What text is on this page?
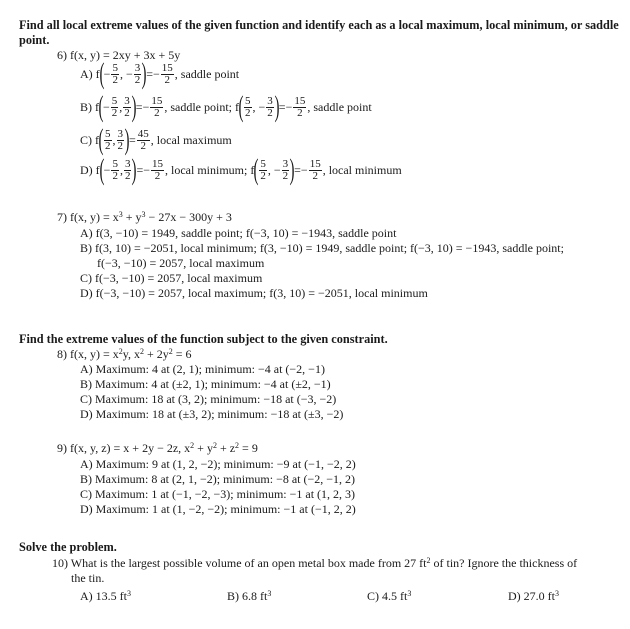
Find all local extreme values of the given function and identify each as a local maximum, local minimum, or saddle
point.
6) f(x, y) = 2xy + 3x + 5y
A)
f ( − $\frac{5}{2}$ , − $\frac{3}{2}$ ) = − $\frac{15}{2}$ , saddle point
B)
f ( − $\frac{5}{2}$ , $\frac{3}{2}$ ) = − $\frac{15}{2}$ , saddle point;
f ( $\frac{5}{2}$ , − $\frac{3}{2}$ ) = − $\frac{15}{2}$ , saddle point
C)
f ( $\frac{5}{2}$ , $\frac{3}{2}$ ) = $\frac{45}{2}$ , local maximum
D)
f ( − $\frac{5}{2}$ , $\frac{3}{2}$ ) = − $\frac{15}{2}$ , local minimum;
f ( $\frac{5}{2}$ , − $\frac{3}{2}$ ) = − $\frac{15}{2}$ , local minimum
7) f(x, $y) = x^3 + y^3 - 27x - 300y + 3$
A) f(3, −10) = 1949, saddle point; f(−3, 10) = −1943, saddle point
B) f(3, 10) = −2051, local minimum; f(3, −10) = 1949, saddle point; f(−3, 10) = −1943, saddle point;
f(−3, −10) = 2057, local maximum
C) f(−3, −10) = 2057, local maximum
D) f(−3, −10) = 2057, local maximum; f(3, 10) = −2051, local minimum
Find the extreme values of the function subject to the given constraint.
8) f(x, $y) = x^2y$, $x^2 + 2y^2 = 6$
A) Maximum: 4 at (2, 1); minimum: −4 at (−2, −1)
B) Maximum: 4 at (±2, 1); minimum: −4 at (±2, −1)
C) Maximum: 18 at (3, 2); minimum: −18 at (−3, −2)
D) Maximum: 18 at (±3, 2); minimum: −18 at (±3, −2)
9) f(x, y, z) = x + 2y − 2z, $x^2 + y^2 + z^2 = 9$
A) Maximum: 9 at (1, 2, −2); minimum: −9 at (−1, −2, 2)
B) Maximum: 8 at (2, 1, −2); minimum: −8 at (−2, −1, 2)
C) Maximum: 1 at (−1, −2, −3); minimum: −1 at (1, 2, 3)
D) Maximum: 1 at (1, −2, −2); minimum: −1 at (−1, 2, 2)
Solve the problem.
10) What is the largest possible volume of an open metal box made from 27 $ft^2$ of tin? Ignore the thickness of
the tin.
A) 13.5 $ft^3$	B) 6.8 $ft^3$	C) 4.5 $ft^3$	D) 27.0 $ft^3$
